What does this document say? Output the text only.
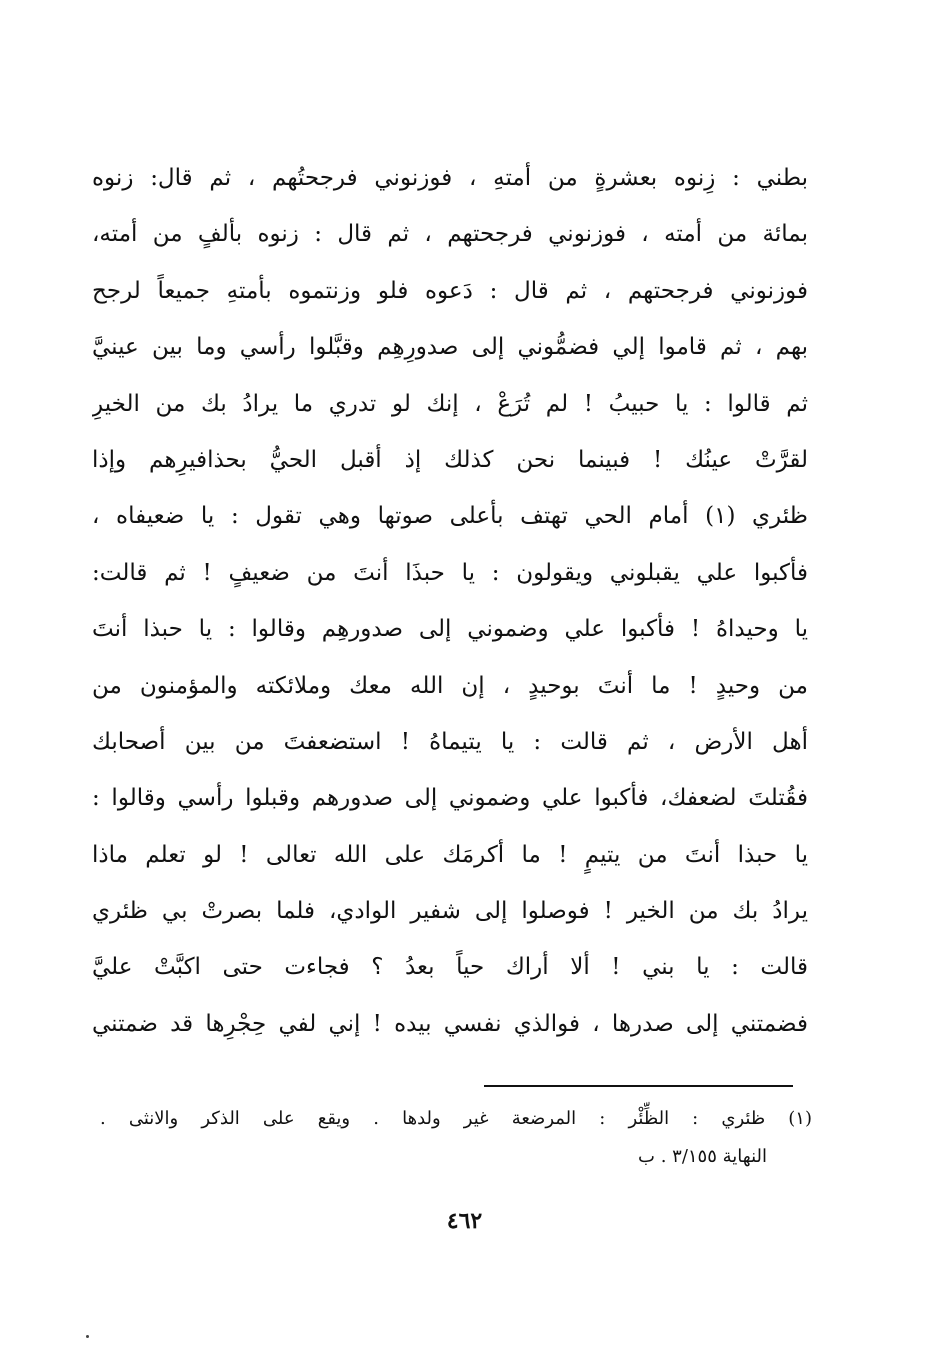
بطني : زِنوه بعشرةٍ من أمتهِ ، فوزنوني فرجحتُهم ، ثم قال: زنوه
بمائة من أمته ، فوزنوني فرجحتهم ، ثم قال : زنوه بألفٍ من أمته،
فوزنوني فرجحتهم ، ثم قال : دَعوه فلو وزنتموه بأمتهِ جميعاً لرجح
بهم ، ثم قاموا إلي فضمُّوني إلى صدورِهِم وقبَّلوا رأسي وما بين عينيَّ
ثم قالوا : يا حبيبُ ! لم تُرَعْ ، إنك لو تدري ما يرادُ بك من الخيرِ
لقرَّتْ عينُك ! فبينما نحن كذلك إذ أقبل الحيُّ بحذافيرِهم وإذا
ظئري (١) أمام الحي تهتف بأعلى صوتها وهي تقول : يا ضعيفاه ،
فأكبوا علي يقبلوني ويقولون : يا حبذَا أنتَ من ضعيفٍ ! ثم قالت:
يا وحيداهُ ! فأكبوا علي وضموني إلى صدورهِم وقالوا : يا حبذا أنتَ
من وحيدٍ ! ما أنتَ بوحيدٍ ، إن الله معك وملائكته والمؤمنون من
أهل الأرض ، ثم قالت : يا يتيماهُ ! استضعفتَ من بين أصحابك
فقُتلتَ لضعفك، فأكبوا علي وضموني إلى صدورهم وقبلوا رأسي وقالوا :
يا حبذا أنتَ من يتيمٍ ! ما أكرمَك على الله تعالى ! لو تعلم ماذا
يرادُ بك من الخير ! فوصلوا إلى شفير الوادي، فلما بصرتْ بي ظئري
قالت : يا بني ! ألا أراك حياً بعدُ ؟ فجاءت حتى اكبَّتْ عليَّ
فضمتني إلى صدرها ، فوالذي نفسي بيده ! إني لفي حِجْرِها قد ضمتني
(١) ظئري : الظِّئْر : المرضعة غير ولدها . ويقع على الذكر والانثى .
النهاية ٣/١٥٥ . ب
٤٦٢
